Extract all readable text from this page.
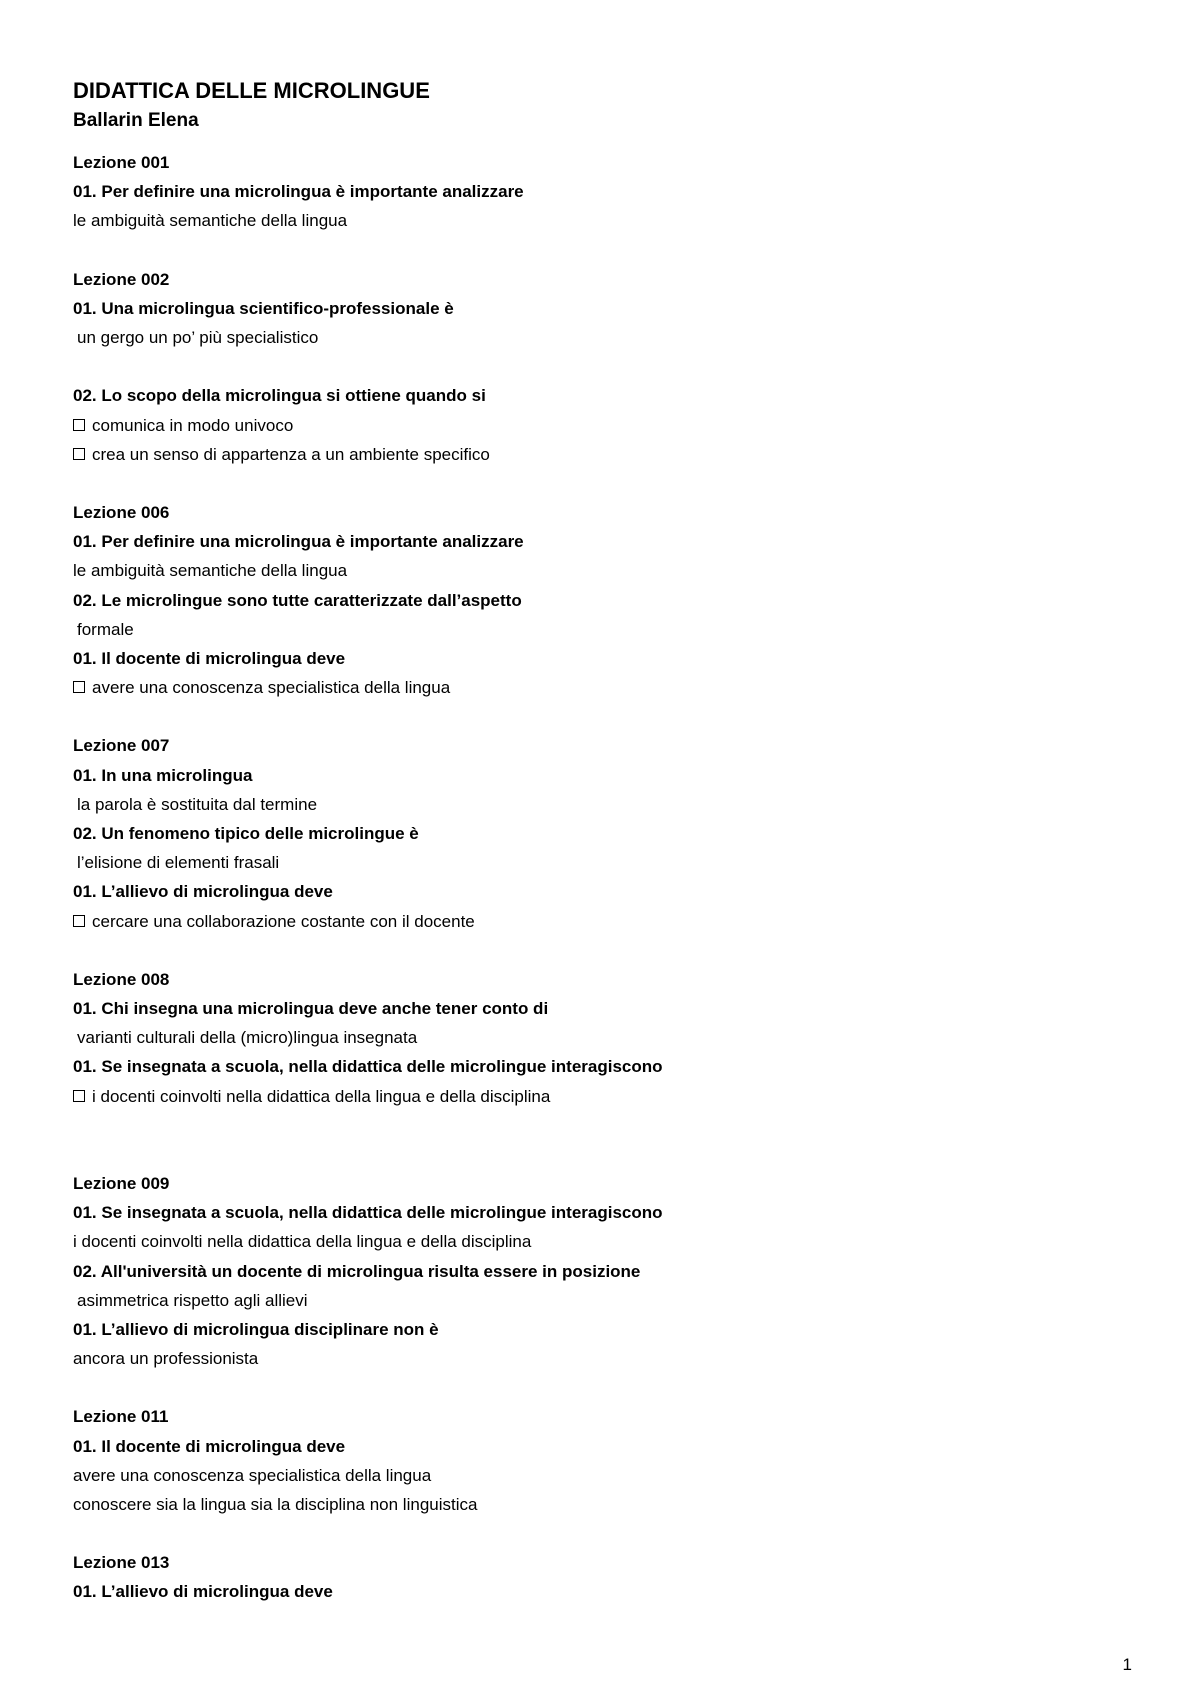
DIDATTICA DELLE MICROLINGUE
Ballarin Elena
Lezione 001
01. Per definire una microlingua è importante analizzare
le ambiguità semantiche della lingua
Lezione 002
01. Una microlingua scientifico-professionale è
un gergo un po’ più specialistico

02. Lo scopo della microlingua si ottiene quando si
comunica in modo univoco
crea un senso di appartenza a un ambiente specifico
Lezione 006
01. Per definire una microlingua è importante analizzare
le ambiguità semantiche della lingua
02. Le microlingue sono tutte caratterizzate dall’aspetto
formale
01. Il docente di microlingua deve
avere una conoscenza specialistica della lingua
Lezione 007
01. In una microlingua
la parola è sostituita dal termine
02. Un fenomeno tipico delle microlingue è
l’elisione di elementi frasali
01. L’allievo di microlingua deve
cercare una collaborazione costante con il docente
Lezione 008
01. Chi insegna una microlingua deve anche tener conto di
varianti culturali della (micro)lingua insegnata
01. Se insegnata a scuola, nella didattica delle microlingue interagiscono
i docenti coinvolti nella didattica della lingua e della disciplina
Lezione 009
01. Se insegnata a scuola, nella didattica delle microlingue interagiscono
i docenti coinvolti nella didattica della lingua e della disciplina
02. All'università un docente di microlingua risulta essere in posizione
asimmetrica rispetto agli allievi
01. L’allievo di microlingua disciplinare non è
ancora un professionista
Lezione 011
01. Il docente di microlingua deve
avere una conoscenza specialistica della lingua
conoscere sia la lingua sia la disciplina non linguistica
Lezione 013
01. L’allievo di microlingua deve
1
